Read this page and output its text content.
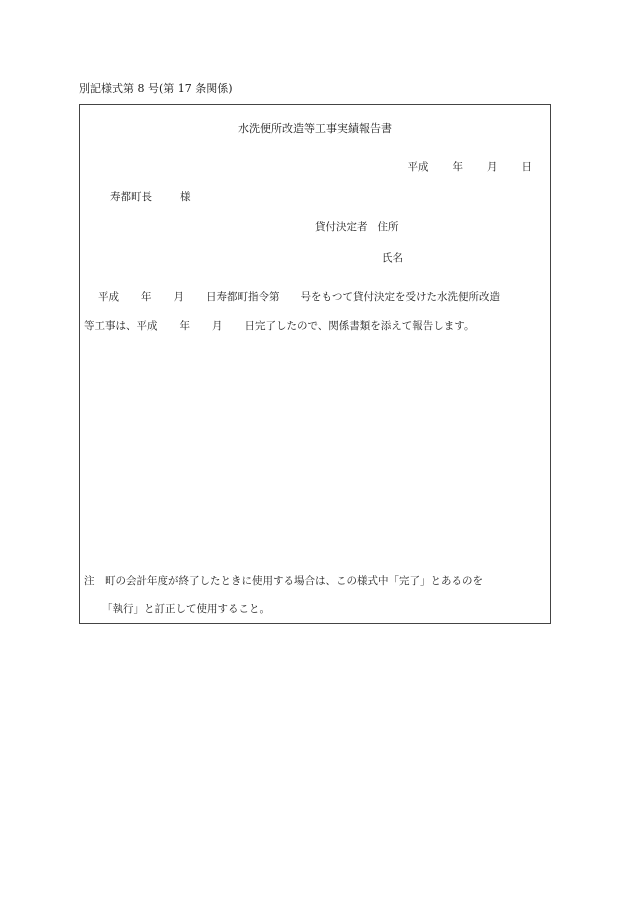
別記様式第 8 号(第 17 条関係)
水洗便所改造等工事実績報告書
平成 年 月 日
寿都町長	様
貸付決定者 住所
氏名
平成 年 月 日寿都町指令第　　号をもつて貸付決定を受けた水洗便所改造
等工事は、平成 年 月 日完了したので、関係書類を添えて報告します。
注　町の会計年度が終了したときに使用する場合は、この様式中「完了」とあるのを
「執行」と訂正して使用すること。
